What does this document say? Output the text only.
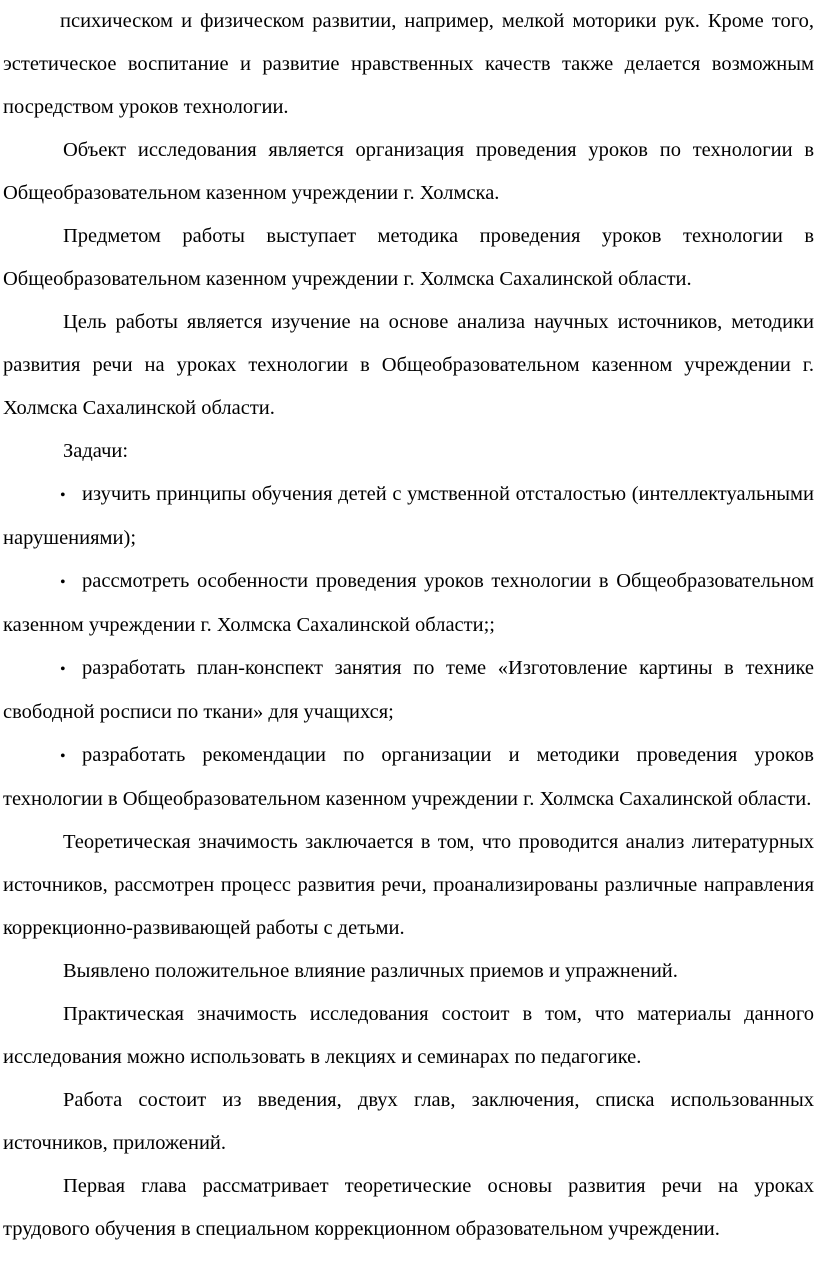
психическом и физическом развитии, например, мелкой моторики рук. Кроме того, эстетическое воспитание и развитие нравственных качеств также делается возможным посредством уроков технологии.

Объект исследования является организация проведения уроков по технологии в Общеобразовательном казенном учреждении г. Холмска.

Предметом работы выступает методика проведения уроков технологии в Общеобразовательном казенном учреждении г. Холмска Сахалинской области.

Цель работы является изучение на основе анализа научных источников, методики развития речи на уроках технологии в Общеобразовательном казенном учреждении г. Холмска Сахалинской области.

Задачи:

• изучить принципы обучения детей с умственной отсталостью (интеллектуальными нарушениями);

• рассмотреть особенности проведения уроков технологии в Общеобразовательном казенном учреждении г. Холмска Сахалинской области;;

• разработать план-конспект занятия по теме «Изготовление картины в технике свободной росписи по ткани» для учащихся;

• разработать рекомендации по организации и методики проведения уроков технологии в Общеобразовательном казенном учреждении г. Холмска Сахалинской области.

Теоретическая значимость заключается в том, что проводится анализ литературных источников, рассмотрен процесс развития речи, проанализированы различные направления коррекционно-развивающей работы с детьми.

Выявлено положительное влияние различных приемов и упражнений.

Практическая значимость исследования состоит в том, что материалы данного исследования можно использовать в лекциях и семинарах по педагогике.

Работа состоит из введения, двух глав, заключения, списка использованных источников, приложений.

Первая глава рассматривает теоретические основы развития речи на уроках трудового обучения в специальном коррекционном образовательном учреждении.
